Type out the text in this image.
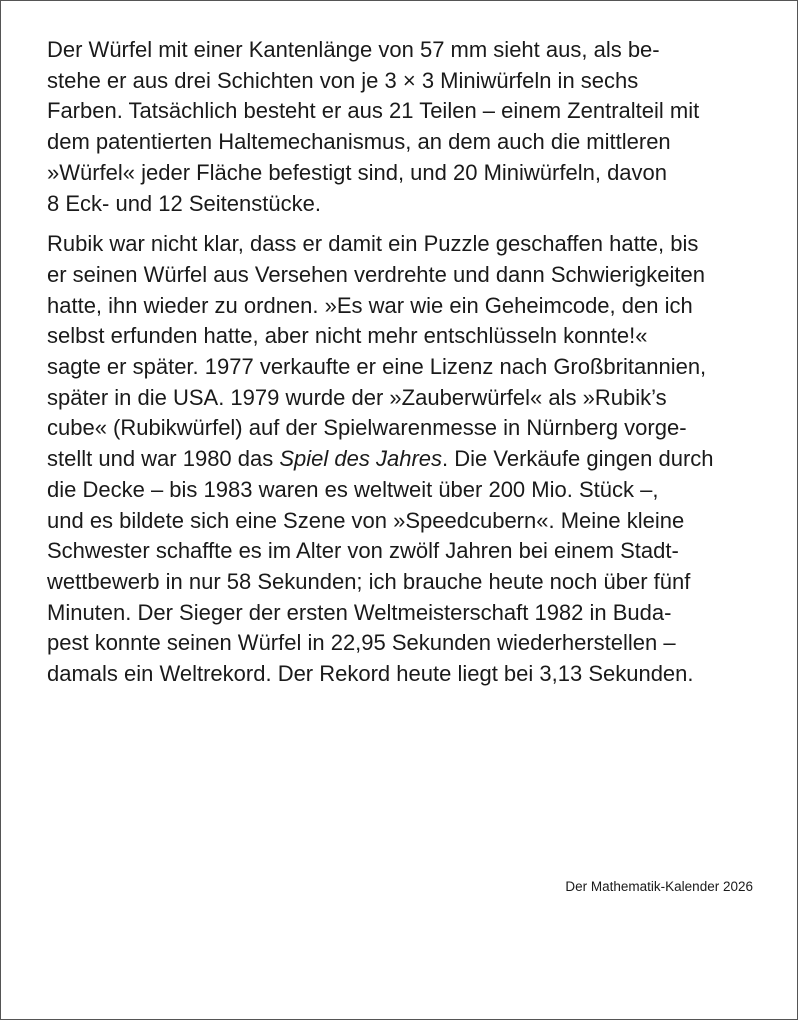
Der Würfel mit einer Kantenlänge von 57 mm sieht aus, als be-
stehe er aus drei Schichten von je 3 × 3 Miniwürfeln in sechs
Farben. Tatsächlich besteht er aus 21 Teilen – einem Zentralteil mit
dem patentierten Haltemechanismus, an dem auch die mittleren
»Würfel« jeder Fläche befestigt sind, und 20 Miniwürfeln, davon
8 Eck- und 12 Seitenstücke.
Rubik war nicht klar, dass er damit ein Puzzle geschaffen hatte, bis
er seinen Würfel aus Versehen verdrehte und dann Schwierigkeiten
hatte, ihn wieder zu ordnen. »Es war wie ein Geheimcode, den ich
selbst erfunden hatte, aber nicht mehr entschlüsseln konnte!«
sagte er später. 1977 verkaufte er eine Lizenz nach Großbritannien,
später in die USA. 1979 wurde der »Zauberwürfel« als »Rubik’s
cube« (Rubikwürfel) auf der Spielwarenmesse in Nürnberg vorge-
stellt und war 1980 das Spiel des Jahres. Die Verkäufe gingen durch
die Decke – bis 1983 waren es weltweit über 200 Mio. Stück –,
und es bildete sich eine Szene von »Speedcubern«. Meine kleine
Schwester schaffte es im Alter von zwölf Jahren bei einem Stadt-
wettbewerb in nur 58 Sekunden; ich brauche heute noch über fünf
Minuten. Der Sieger der ersten Weltmeisterschaft 1982 in Buda-
pest konnte seinen Würfel in 22,95 Sekunden wiederherstellen –
damals ein Weltrekord. Der Rekord heute liegt bei 3,13 Sekunden.
Der Mathematik-Kalender 2026
